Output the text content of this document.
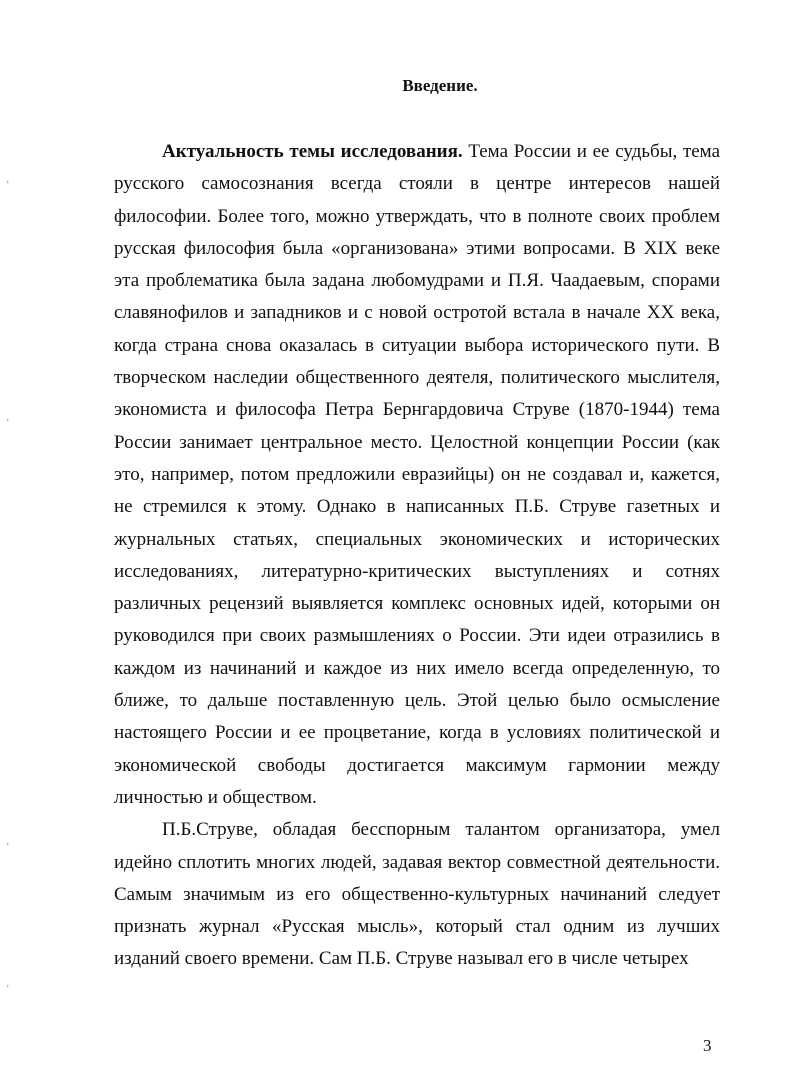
Введение.

Актуальность темы исследования. Тема России и ее судьбы, тема русского самосознания всегда стояли в центре интересов нашей философии. Более того, можно утверждать, что в полноте своих проблем русская философия была «организована» этими вопросами. В XIX веке эта проблематика была задана любомудрами и П.Я. Чаадаевым, спорами славянофилов и западников и с новой остротой встала в начале XX века, когда страна снова оказалась в ситуации выбора исторического пути. В творческом наследии общественного деятеля, политического мыслителя, экономиста и философа Петра Бернгардовича Струве (1870-1944) тема России занимает центральное место. Целостной концепции России (как это, например, потом предложили евразийцы) он не создавал и, кажется, не стремился к этому. Однако в написанных П.Б. Струве газетных и журнальных статьях, специальных экономических и исторических исследованиях, литературно-критических выступлениях и сотнях различных рецензий выявляется комплекс основных идей, которыми он руководился при своих размышлениях о России. Эти идеи отразились в каждом из начинаний и каждое из них имело всегда определенную, то ближе, то дальше поставленную цель. Этой целью было осмысление настоящего России и ее процветание, когда в условиях политической и экономической свободы достигается максимум гармонии между личностью и обществом.

П.Б.Струве, обладая бесспорным талантом организатора, умел идейно сплотить многих людей, задавая вектор совместной деятельности. Самым значимым из его общественно-культурных начинаний следует признать журнал «Русская мысль», который стал одним из лучших изданий своего времени. Сам П.Б. Струве называл его в числе четырех

3
ʼ
ʼ
ʼ
ʼ
